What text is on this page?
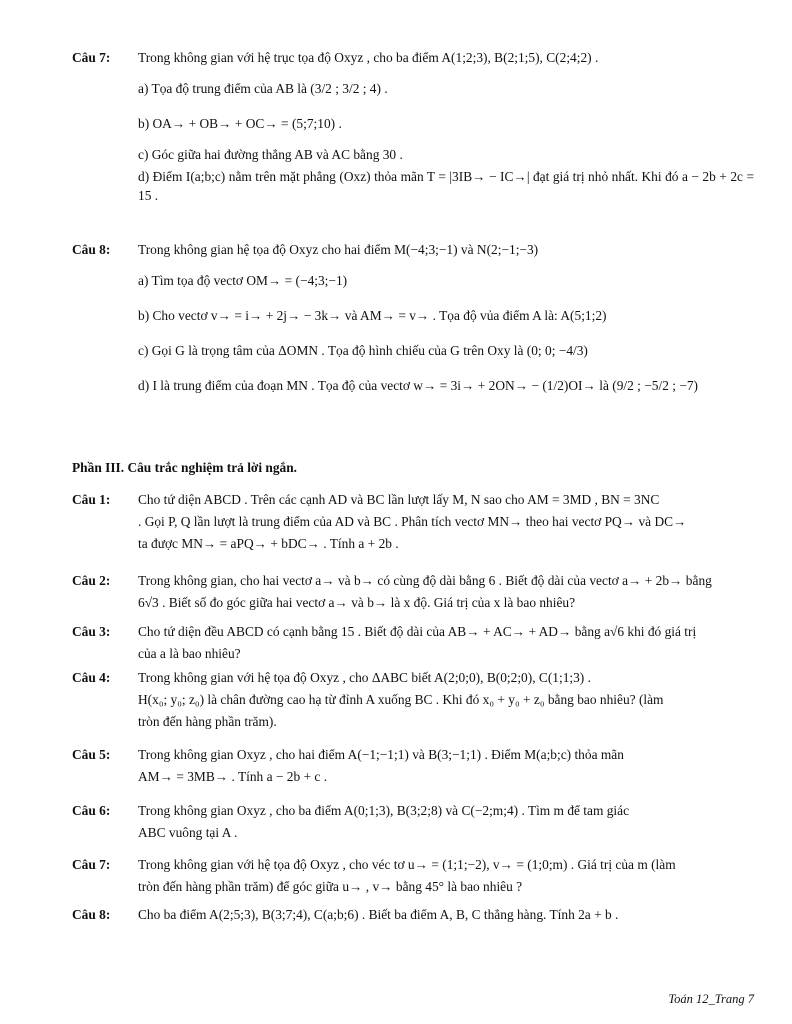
Câu 7: Trong không gian với hệ trục tọa độ Oxyz , cho ba điểm A(1;2;3), B(2;1;5), C(2;4;2) .
a) Tọa độ trung điểm của AB là (3/2 ; 3/2 ; 4) .
b) OA→ + OB→ + OC→ = (5;7;10) .
c) Góc giữa hai đường thẳng AB và AC bằng 30 .
d) Điểm I(a;b;c) nằm trên mặt phẳng (Oxz) thỏa mãn T = |3IB→ − IC→| đạt giá trị nhỏ nhất. Khi đó a − 2b + 2c = 15 .
Câu 8: Trong không gian hệ tọa độ Oxyz cho hai điểm M(−4;3;−1) và N(2;−1;−3)
a) Tìm tọa độ vectơ OM→ = (−4;3;−1)
b) Cho vectơ v→ = i→ + 2j→ − 3k→ và AM→ = v→ . Tọa độ vủa điểm A là: A(5;1;2)
c) Gọi G là trọng tâm của ΔOMN . Tọa độ hình chiếu của G trên Oxy là (0; 0; −4/3)
d) I là trung điểm của đoạn MN . Tọa độ của vectơ w→ = 3i→ + 2ON→ − (1/2)OI→ là (9/2 ; −5/2 ; −7)
Phần III. Câu trắc nghiệm trả lời ngắn.
Câu 1: Cho tứ diện ABCD . Trên các cạnh AD và BC lần lượt lấy M, N sao cho AM = 3MD , BN = 3NC
. Gọi P, Q lần lượt là trung điểm của AD và BC . Phân tích vectơ MN→ theo hai vectơ PQ→ và DC→
ta được MN→ = aPQ→ + bDC→ . Tính a + 2b .
Câu 2: Trong không gian, cho hai vectơ a→ và b→ có cùng độ dài bằng 6 . Biết độ dài của vectơ a→ + 2b→ bằng
6√3 . Biết số đo góc giữa hai vectơ a→ và b→ là x độ. Giá trị của x là bao nhiêu?
Câu 3: Cho tứ diện đều ABCD có cạnh bằng 15 . Biết độ dài của AB→ + AC→ + AD→ bằng a√6 khi đó giá trị
của a là bao nhiêu?
Câu 4: Trong không gian với hệ tọa độ Oxyz , cho ΔABC biết A(2;0;0), B(0;2;0), C(1;1;3) .
H(x₀; y₀; z₀) là chân đường cao hạ từ đỉnh A xuống BC . Khi đó x₀ + y₀ + z₀ bằng bao nhiêu? (làm
tròn đến hàng phần trăm).
Câu 5: Trong không gian Oxyz , cho hai điểm A(−1;−1;1) và B(3;−1;1) . Điểm M(a;b;c) thỏa mãn
AM→ = 3MB→ . Tính a − 2b + c .
Câu 6: Trong không gian Oxyz , cho ba điểm A(0;1;3), B(3;2;8) và C(−2;m;4) . Tìm m để tam giác
ABC vuông tại A .
Câu 7: Trong không gian với hệ tọa độ Oxyz , cho véc tơ u→ = (1;1;−2), v→ = (1;0;m) . Giá trị của m (làm
tròn đến hàng phần trăm) để góc giữa u→ , v→ bằng 45° là bao nhiêu ?
Câu 8: Cho ba điểm A(2;5;3), B(3;7;4), C(a;b;6) . Biết ba điểm A, B, C thẳng hàng. Tính 2a + b .
Toán 12_Trang 7
